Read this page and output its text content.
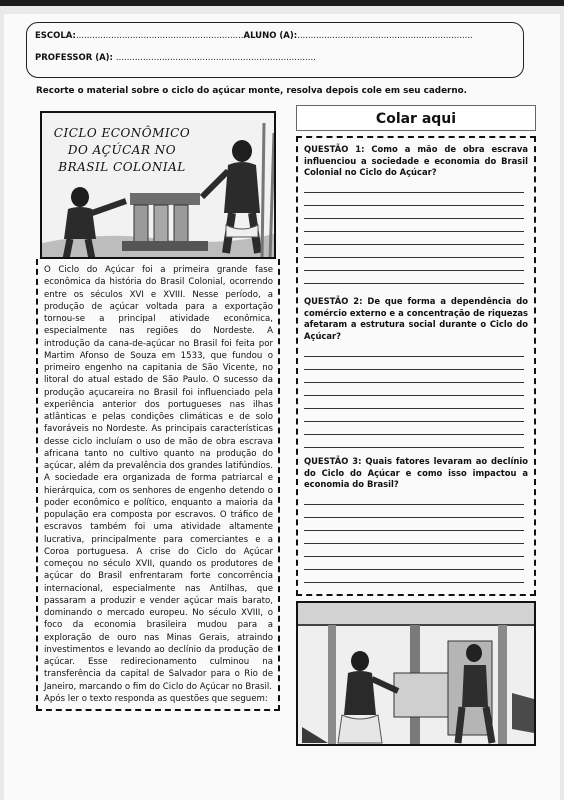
ESCOLA:..............................................................ALUNO (A):.................................................................
PROFESSOR (A): ..........................................................................
Recorte o material sobre o ciclo do açúcar monte, resolva depois cole em seu caderno.
CICLO ECONÔMICO
DO AÇÚCAR NO
BRASIL COLONIAL

O Ciclo do Açúcar foi a primeira grande fase econômica da história do Brasil Colonial, ocorrendo entre os séculos XVI e XVIII. Nesse período, a produção de açúcar voltada para a exportação tornou-se a principal atividade econômica, especialmente nas regiões do Nordeste. A introdução da cana-de-açúcar no Brasil foi feita por Martim Afonso de Souza em 1533, que fundou o primeiro engenho na capitania de São Vicente, no litoral do atual estado de São Paulo. O sucesso da produção açucareira no Brasil foi influenciado pela experiência anterior dos portugueses nas ilhas atlânticas e pelas condições climáticas e de solo favoráveis no Nordeste. As principais características desse ciclo incluíam o uso de mão de obra escrava africana tanto no cultivo quanto na produção do açúcar, além da prevalência dos grandes latifúndios. A sociedade era organizada de forma patriarcal e hierárquica, com os senhores de engenho detendo o poder econômico e político, enquanto a maioria da população era composta por escravos. O tráfico de escravos também foi uma atividade altamente lucrativa, principalmente para comerciantes e a Coroa portuguesa. A crise do Ciclo do Açúcar começou no século XVII, quando os produtores de açúcar do Brasil enfrentaram forte concorrência internacional, especialmente nas Antilhas, que passaram a produzir e vender açúcar mais barato, dominando o mercado europeu. No século XVIII, o foco da economia brasileira mudou para a exploração de ouro nas Minas Gerais, atraindo investimentos e levando ao declínio da produção de açúcar. Esse redirecionamento culminou na transferência da capital de Salvador para o Rio de Janeiro, marcando o fim do Ciclo do Açúcar no Brasil.

Após ler o texto responda as questões que seguem:

Colar aqui
QUESTÃO 1: Como a mão de obra escrava influenciou a sociedade e economia do Brasil Colonial no Ciclo do Açúcar?
QUESTÃO 2: De que forma a dependência do comércio externo e a concentração de riquezas afetaram a estrutura social durante o Ciclo do Açúcar?
QUESTÃO 3: Quais fatores levaram ao declínio do Ciclo do Açúcar e como isso impactou a economia do Brasil?
